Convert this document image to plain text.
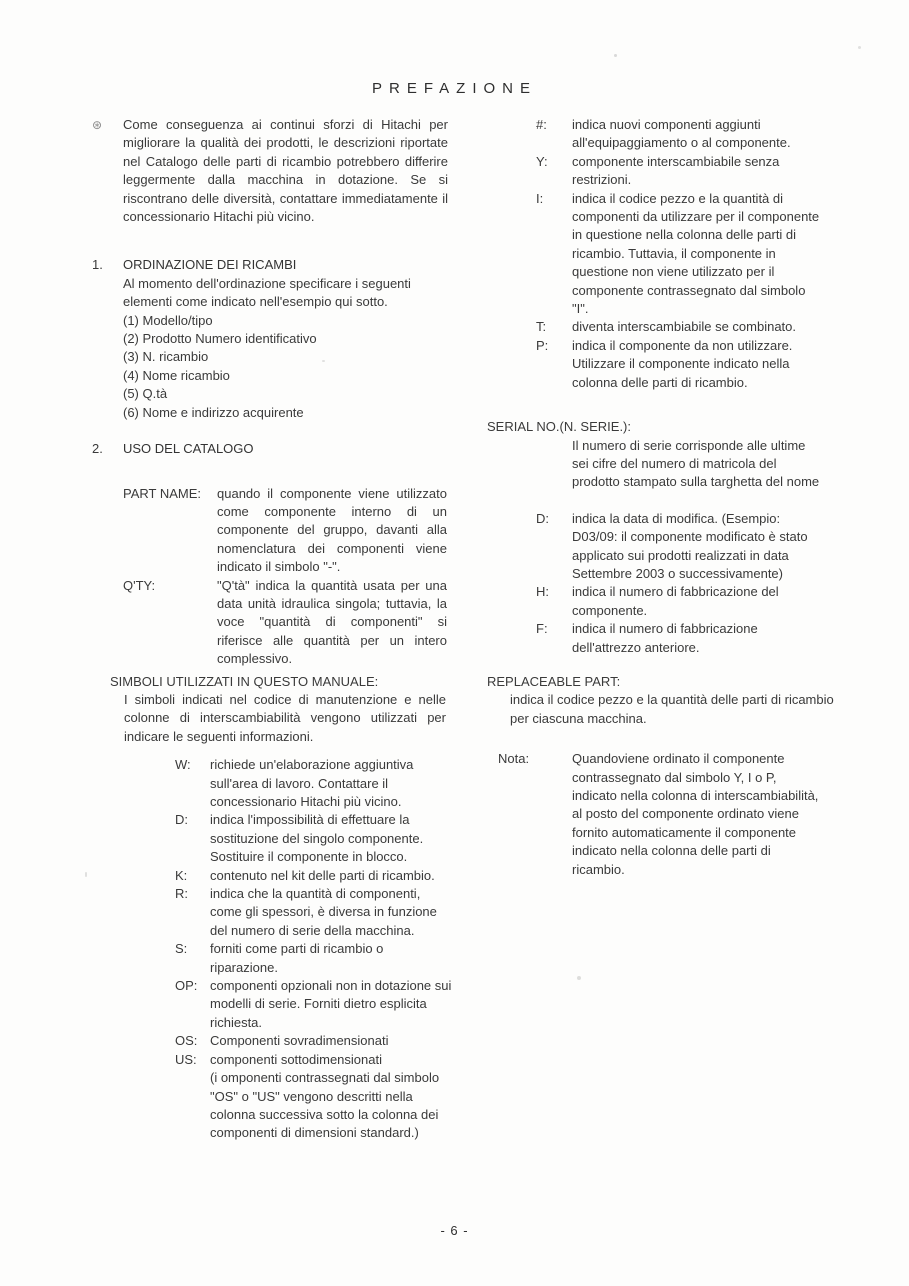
PREFAZIONE
⊛	Come conseguenza ai continui sforzi di Hitachi per migliorare la qualità dei prodotti, le descrizioni riportate nel Catalogo delle parti di ricambio potrebbero differire leggermente dalla macchina in dotazione. Se si riscontrano delle diversità, contattare immediatamente il concessionario Hitachi più vicino.
1.	ORDINAZIONE DEI RICAMBI
Al momento dell'ordinazione specificare i seguenti elementi come indicato nell'esempio qui sotto.
(1) Modello/tipo
(2) Prodotto Numero identificativo
(3) N. ricambio
(4) Nome ricambio
(5) Q.tà
(6) Nome e indirizzo acquirente
2.	USO DEL CATALOGO
PART NAME:	quando il componente viene utilizzato come componente interno di un componente del gruppo, davanti alla nomenclatura dei componenti viene indicato il simbolo "-".
Q'TY:	"Q'tà" indica la quantità usata per una data unità idraulica singola; tuttavia, la voce "quantità di componenti" si riferisce alle quantità per un intero complessivo.
SIMBOLI UTILIZZATI IN QUESTO MANUALE:
I simboli indicati nel codice di manutenzione e nelle colonne di interscambiabilità vengono utilizzati per indicare le seguenti informazioni.
W:	richiede un'elaborazione aggiuntiva sull'area di lavoro. Contattare il concessionario Hitachi più vicino.
D:	indica l'impossibilità di effettuare la sostituzione del singolo componente. Sostituire il componente in blocco.
K:	contenuto nel kit delle parti di ricambio.
R:	indica che la quantità di componenti, come gli spessori, è diversa in funzione del numero di serie della macchina.
S:	forniti come parti di ricambio o riparazione.
OP: componenti opzionali non in dotazione sui modelli di serie. Forniti dietro esplicita richiesta.
OS: Componenti sovradimensionati
US:	componenti sottodimensionati
(i omponenti contrassegnati dal simbolo "OS" o "US" vengono descritti nella colonna successiva sotto la colonna dei componenti di dimensioni standard.)
#:	indica nuovi componenti aggiunti all'equipaggiamento o al componente.
Y:	componente interscambiabile senza restrizioni.
I:	indica il codice pezzo e la quantità di componenti da utilizzare per il componente in questione nella colonna delle parti di ricambio. Tuttavia, il componente in questione non viene utilizzato per il componente contrassegnato dal simbolo "I".
T:	diventa interscambiabile se combinato.
P:	indica il componente da non utilizzare. Utilizzare il componente indicato nella colonna delle parti di ricambio.
SERIAL NO.(N. SERIE.):
Il numero di serie corrisponde alle ultime sei cifre del numero di matricola del prodotto stampato sulla targhetta del nome
D:	indica la data di modifica. (Esempio: D03/09: il componente modificato è stato applicato sui prodotti realizzati in data Settembre 2003 o successivamente)
H:	indica il numero di fabbricazione del componente.
F:	indica il numero di fabbricazione dell'attrezzo anteriore.
REPLACEABLE PART:
indica il codice pezzo e la quantità delle parti di ricambio per ciascuna macchina.
Nota:	Quandoviene ordinato il componente contrassegnato dal simbolo Y, I o P, indicato nella colonna di interscambiabilità, al posto del componente ordinato viene fornito automaticamente il componente indicato nella colonna delle parti di ricambio.
- 6 -
